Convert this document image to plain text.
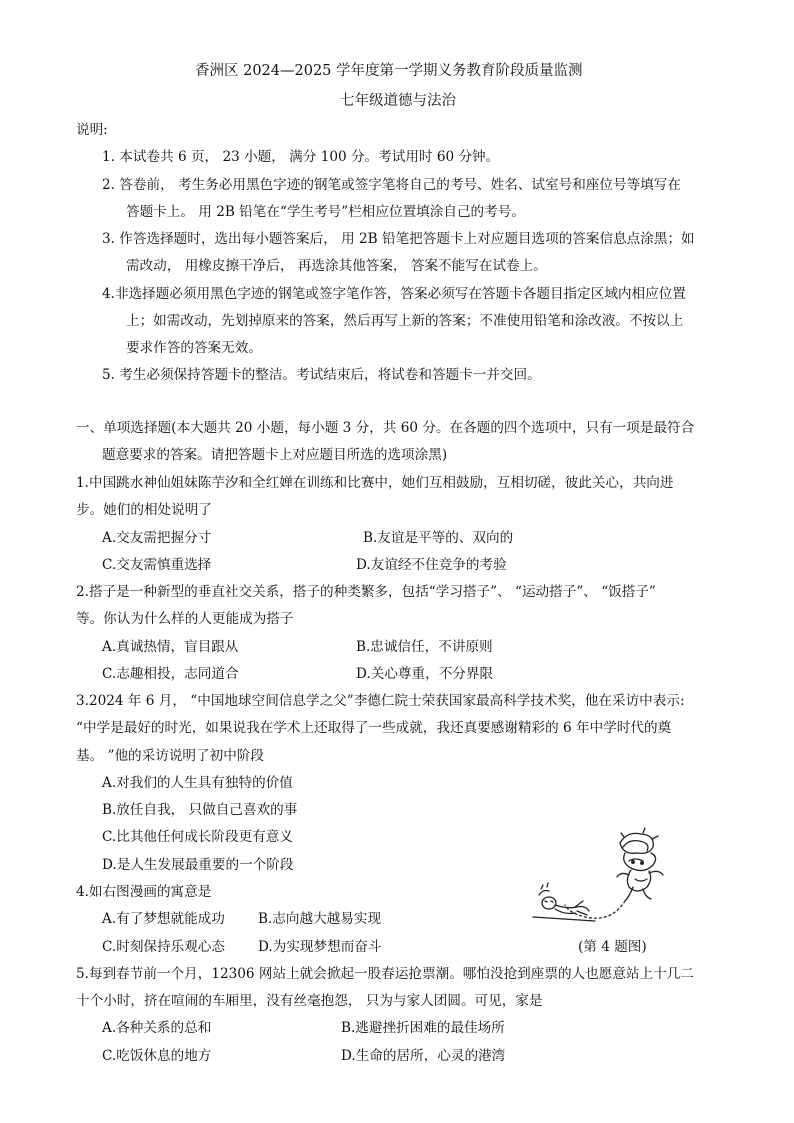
香洲区 2024—2025 学年度第一学期义务教育阶段质量监测
七年级道德与法治
说明:
1. 本试卷共 6 页， 23 小题， 满分 100 分。考试用时 60 分钟。
2. 答卷前， 考生务必用黑色字迹的钢笔或签字笔将自己的考号、姓名、试室号和座位号等填写在
答题卡上。 用 2B 铅笔在“学生考号”栏相应位置填涂自己的考号。
3. 作答选择题时，选出每小题答案后， 用 2B 铅笔把答题卡上对应题目选项的答案信息点涂黑；如
需改动， 用橡皮擦干净后， 再选涂其他答案， 答案不能写在试卷上。
4.非选择题必须用黑色字迹的钢笔或签字笔作答，答案必须写在答题卡各题目指定区域内相应位置
上；如需改动，先划掉原来的答案，然后再写上新的答案；不准使用铅笔和涂改液。不按以上
要求作答的答案无效。
5. 考生必须保持答题卡的整洁。考试结束后，将试卷和答题卡一并交回。
一、单项选择题(本大题共 20 小题，每小题 3 分，共 60 分。在各题的四个选项中，只有一项是最符合
题意要求的答案。请把答题卡上对应题目所选的选项涂黑)
1.中国跳水神仙姐妹陈芋汐和全红婵在训练和比赛中，她们互相鼓励，互相切磋，彼此关心，共向进
步。她们的相处说明了
A.交友需把握分寸	B.友谊是平等的、双向的
C.交友需慎重选择	D.友谊经不住竞争的考验
2.搭子是一种新型的垂直社交关系，搭子的种类繁多，包括“学习搭子”、 “运动搭子”、 “饭搭子”
等。你认为什么样的人更能成为搭子
A.真诚热情，盲目跟从	B.忠诚信任，不讲原则
C.志趣相投，志同道合	D.关心尊重，不分界限
3.2024 年 6 月， “中国地球空间信息学之父”李德仁院士荣获国家最高科学技术奖，他在采访中表示:
“中学是最好的时光，如果说我在学术上还取得了一些成就，我还真要感谢精彩的 6 年中学时代的奠
基。 ”他的采访说明了初中阶段
A.对我们的人生具有独特的价值
B.放任自我， 只做自己喜欢的事
C.比其他任何成长阶段更有意义
D.是人生发展最重要的一个阶段
4.如右图漫画的寓意是
A.有了梦想就能成功 B.志向越大越易实现
C.时刻保持乐观心态 D.为实现梦想而奋斗	(第 4 题图)
5.每到春节前一个月，12306 网站上就会掀起一股春运抢票潮。哪怕没抢到座票的人也愿意站上十几二
十个小时，挤在喧闹的车厢里，没有丝毫抱怨， 只为与家人团圆。可见，家是
A.各种关系的总和	B.逃避挫折困难的最佳场所
C.吃饭休息的地方	D.生命的居所，心灵的港湾
